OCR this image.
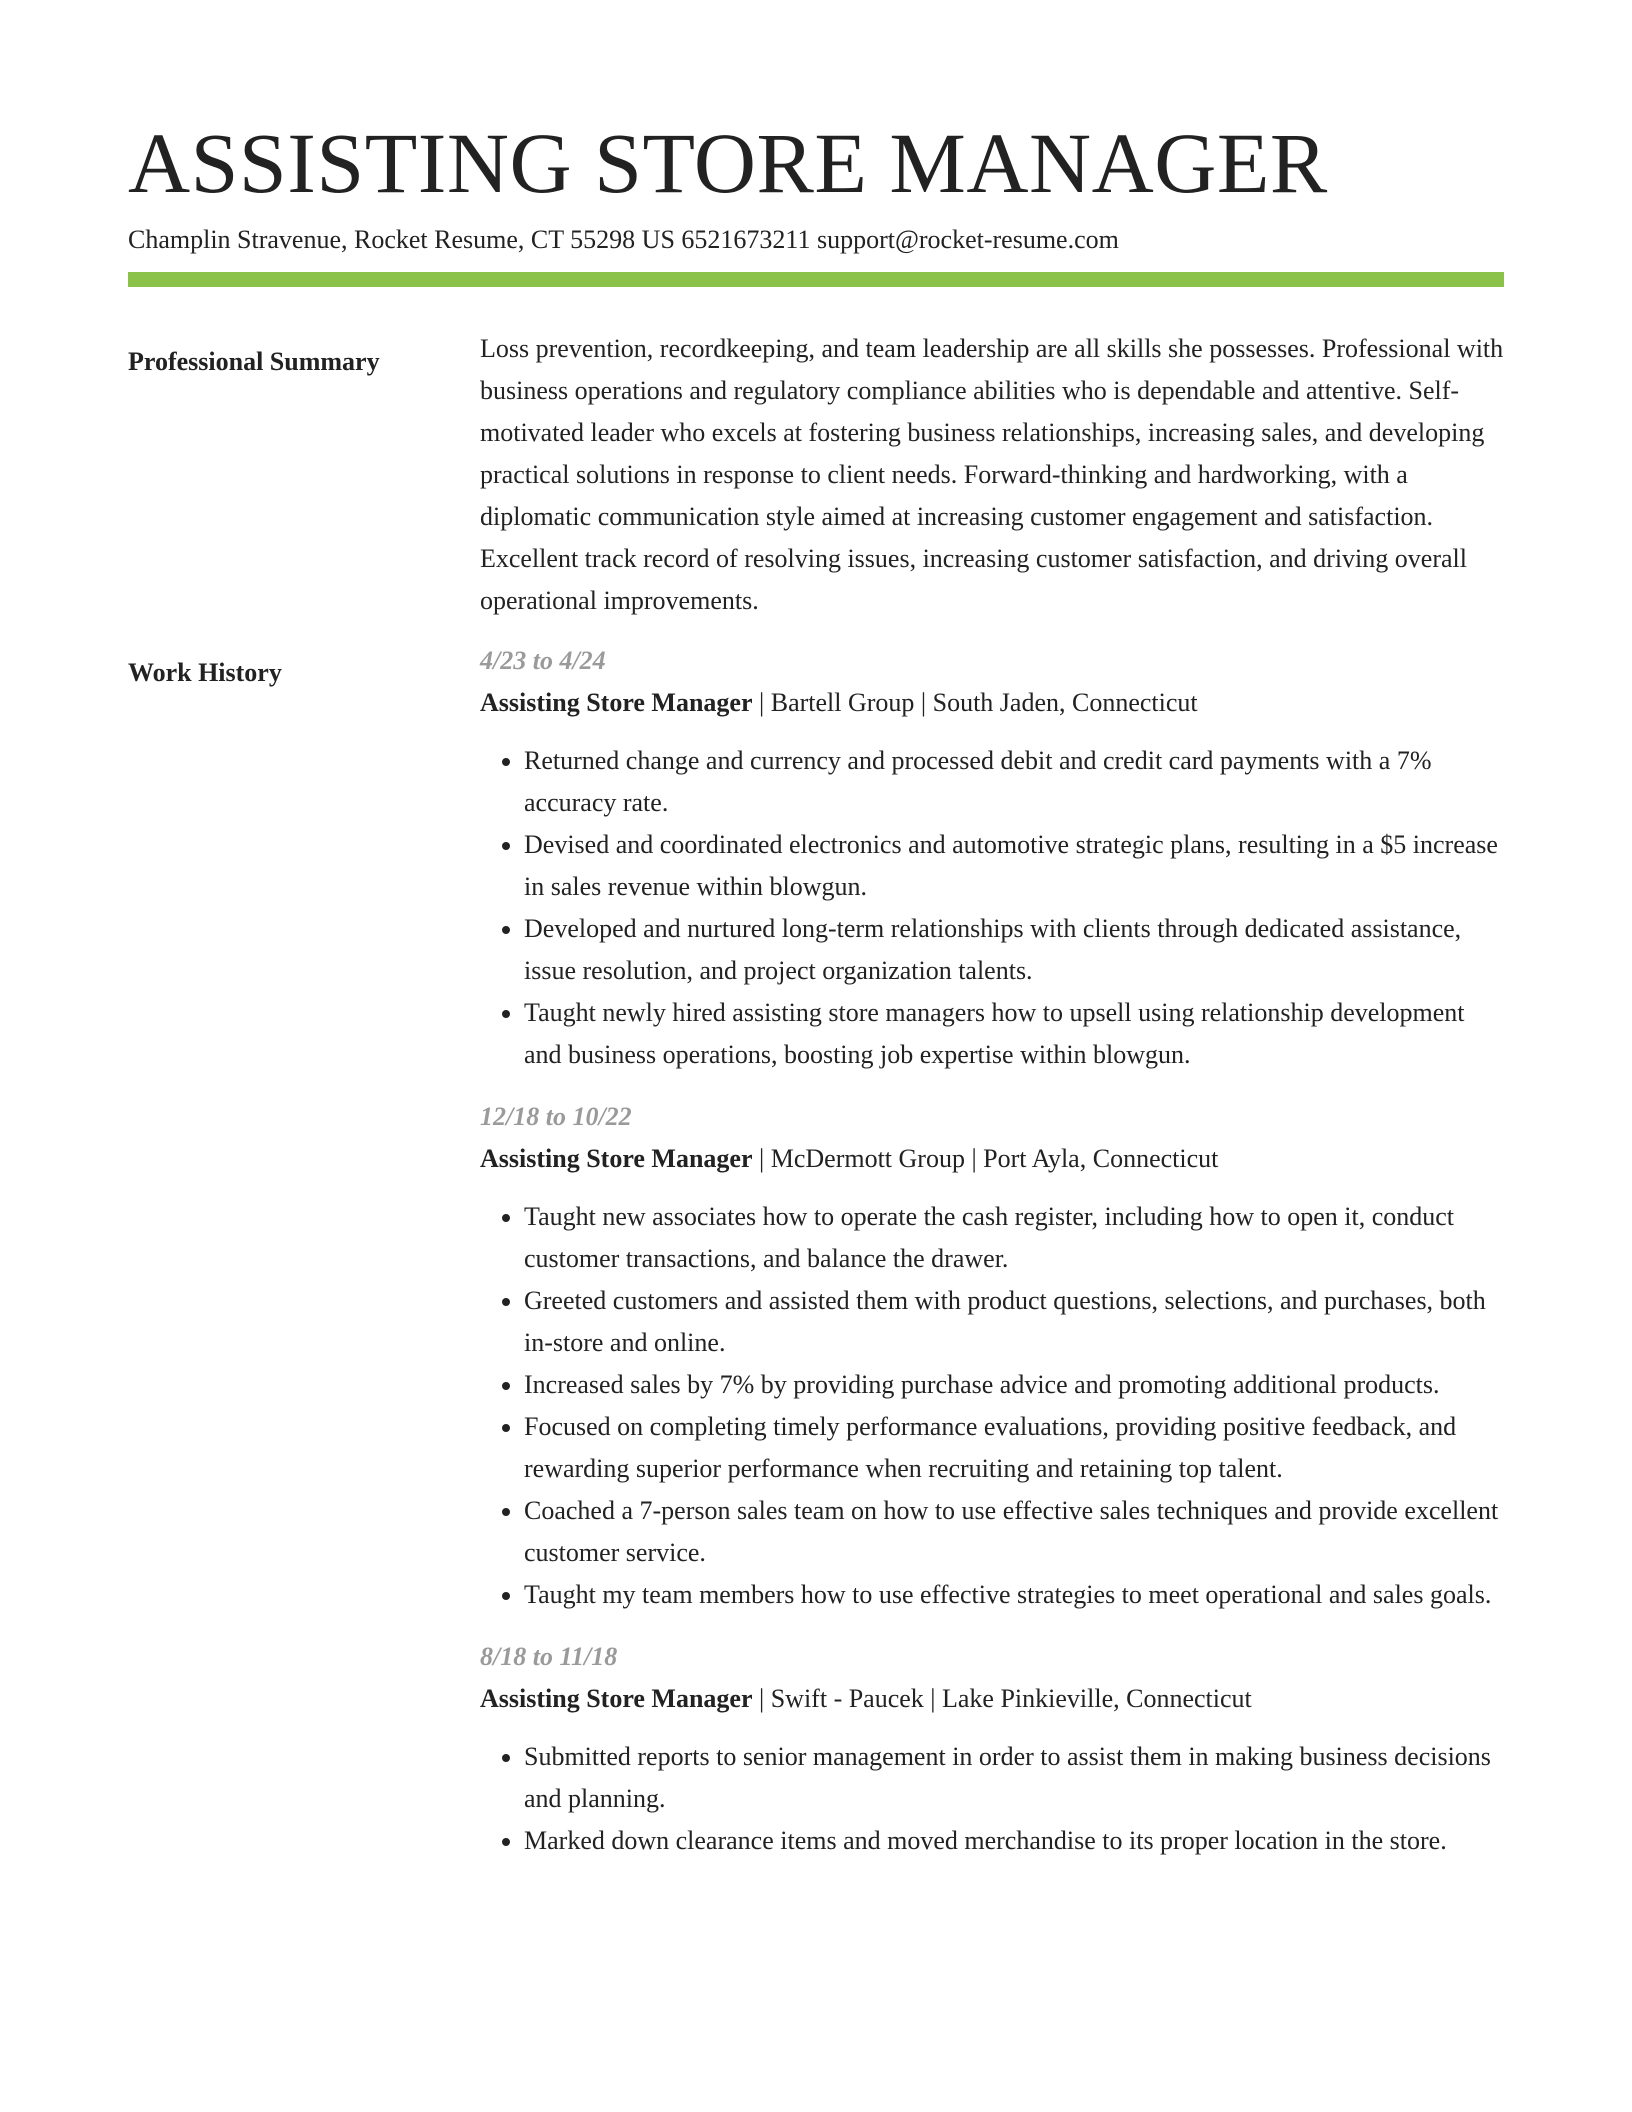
ASSISTING STORE MANAGER
Champlin Stravenue, Rocket Resume, CT 55298 US 6521673211 support@rocket-resume.com
Professional Summary	Loss prevention, recordkeeping, and team leadership are all skills she possesses. Professional with business operations and regulatory compliance abilities who is dependable and attentive. Self-motivated leader who excels at fostering business relationships, increasing sales, and developing practical solutions in response to client needs. Forward-thinking and hardworking, with a diplomatic communication style aimed at increasing customer engagement and satisfaction. Excellent track record of resolving issues, increasing customer satisfaction, and driving overall operational improvements.

Work History	4/23 to 4/24

Assisting Store Manager | Bartell Group | South Jaden, Connecticut

• Returned change and currency and processed debit and credit card payments with a 7% accuracy rate.
• Devised and coordinated electronics and automotive strategic plans, resulting in a $5 increase in sales revenue within blowgun.
• Developed and nurtured long-term relationships with clients through dedicated assistance, issue resolution, and project organization talents.
• Taught newly hired assisting store managers how to upsell using relationship development and business operations, boosting job expertise within blowgun.

12/18 to 10/22

Assisting Store Manager | McDermott Group | Port Ayla, Connecticut

• Taught new associates how to operate the cash register, including how to open it, conduct customer transactions, and balance the drawer.
• Greeted customers and assisted them with product questions, selections, and purchases, both in-store and online.
• Increased sales by 7% by providing purchase advice and promoting additional products.
• Focused on completing timely performance evaluations, providing positive feedback, and rewarding superior performance when recruiting and retaining top talent.
• Coached a 7-person sales team on how to use effective sales techniques and provide excellent customer service.
• Taught my team members how to use effective strategies to meet operational and sales goals.

8/18 to 11/18

Assisting Store Manager | Swift - Paucek | Lake Pinkieville, Connecticut

• Submitted reports to senior management in order to assist them in making business decisions and planning.
• Marked down clearance items and moved merchandise to its proper location in the store.
